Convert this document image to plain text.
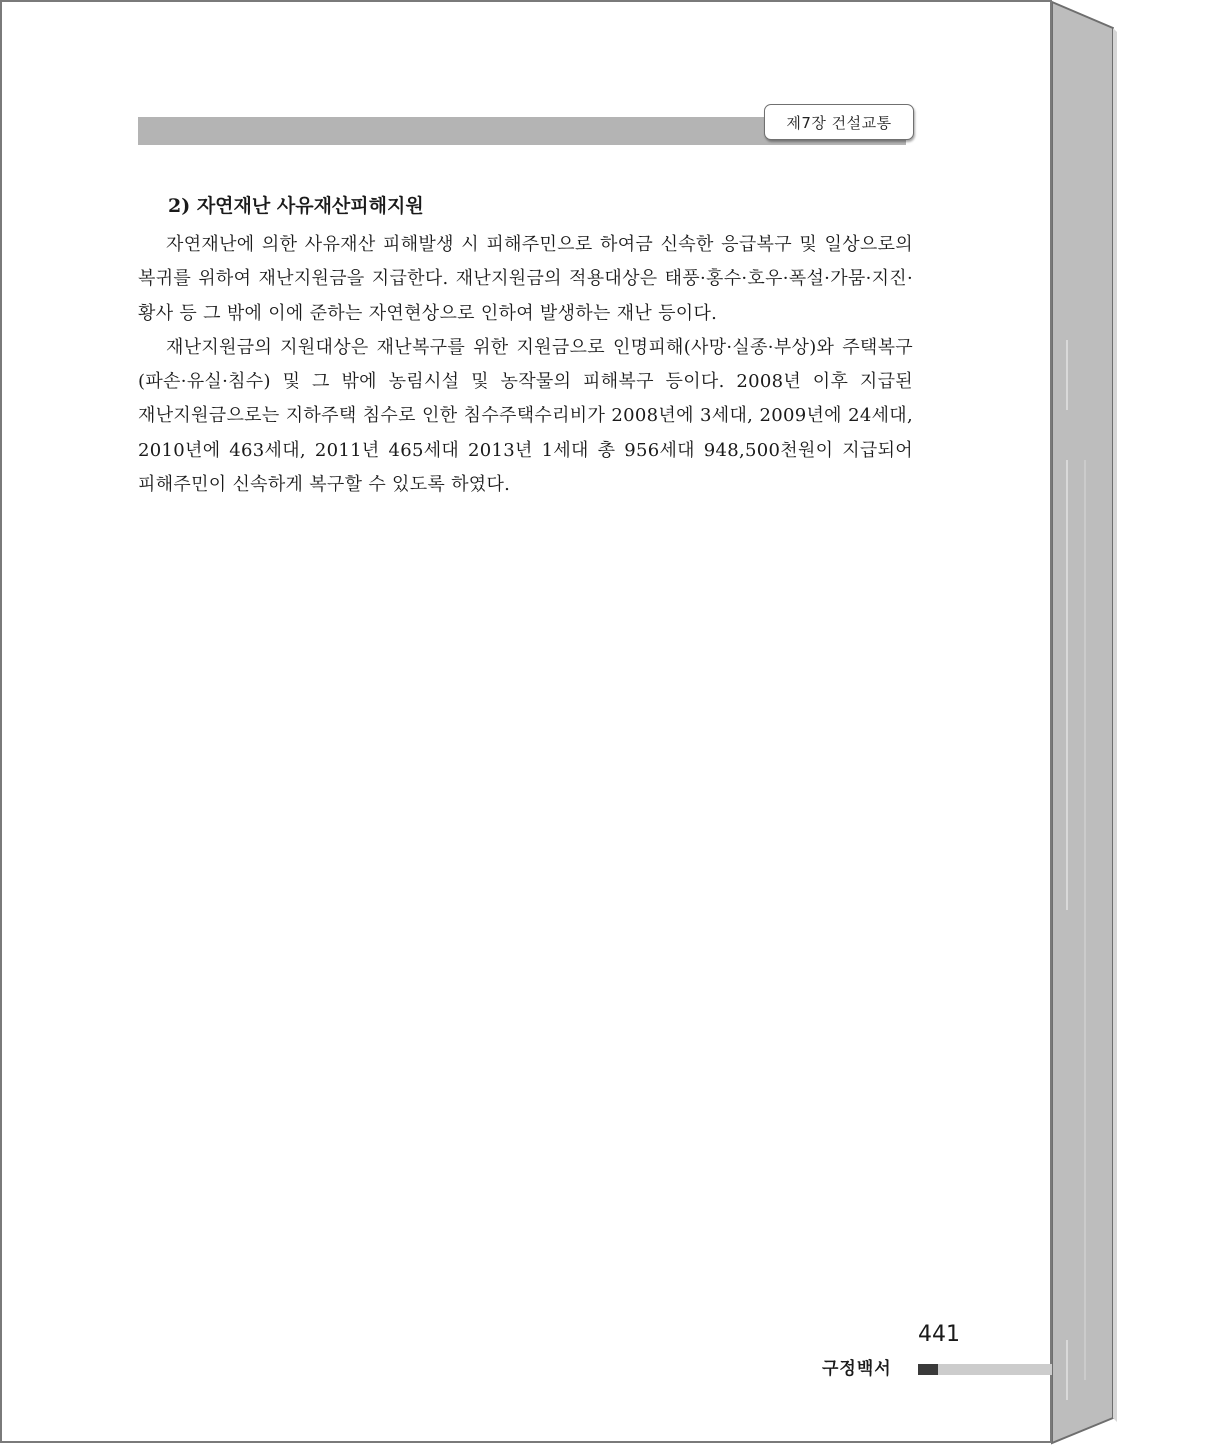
제7장 건설교통
2) 자연재난 사유재산피해지원

자연재난에 의한 사유재산 피해발생 시 피해주민으로 하여금 신속한 응급복구 및 일상으로의 복귀를 위하여 재난지원금을 지급한다. 재난지원금의 적용대상은 태풍·홍수·호우·폭설·가뭄·지진·황사 등 그 밖에 이에 준하는 자연현상으로 인하여 발생하는 재난 등이다.

재난지원금의 지원대상은 재난복구를 위한 지원금으로 인명피해(사망·실종·부상)와 주택복구(파손·유실·침수) 및 그 밖에 농림시설 및 농작물의 피해복구 등이다. 2008년 이후 지급된 재난지원금으로는 지하주택 침수로 인한 침수주택수리비가 2008년에 3세대, 2009년에 24세대, 2010년에 463세대, 2011년 465세대 2013년 1세대 총 956세대 948,500천원이 지급되어 피해주민이 신속하게 복구할 수 있도록 하였다.

441
구정백서
